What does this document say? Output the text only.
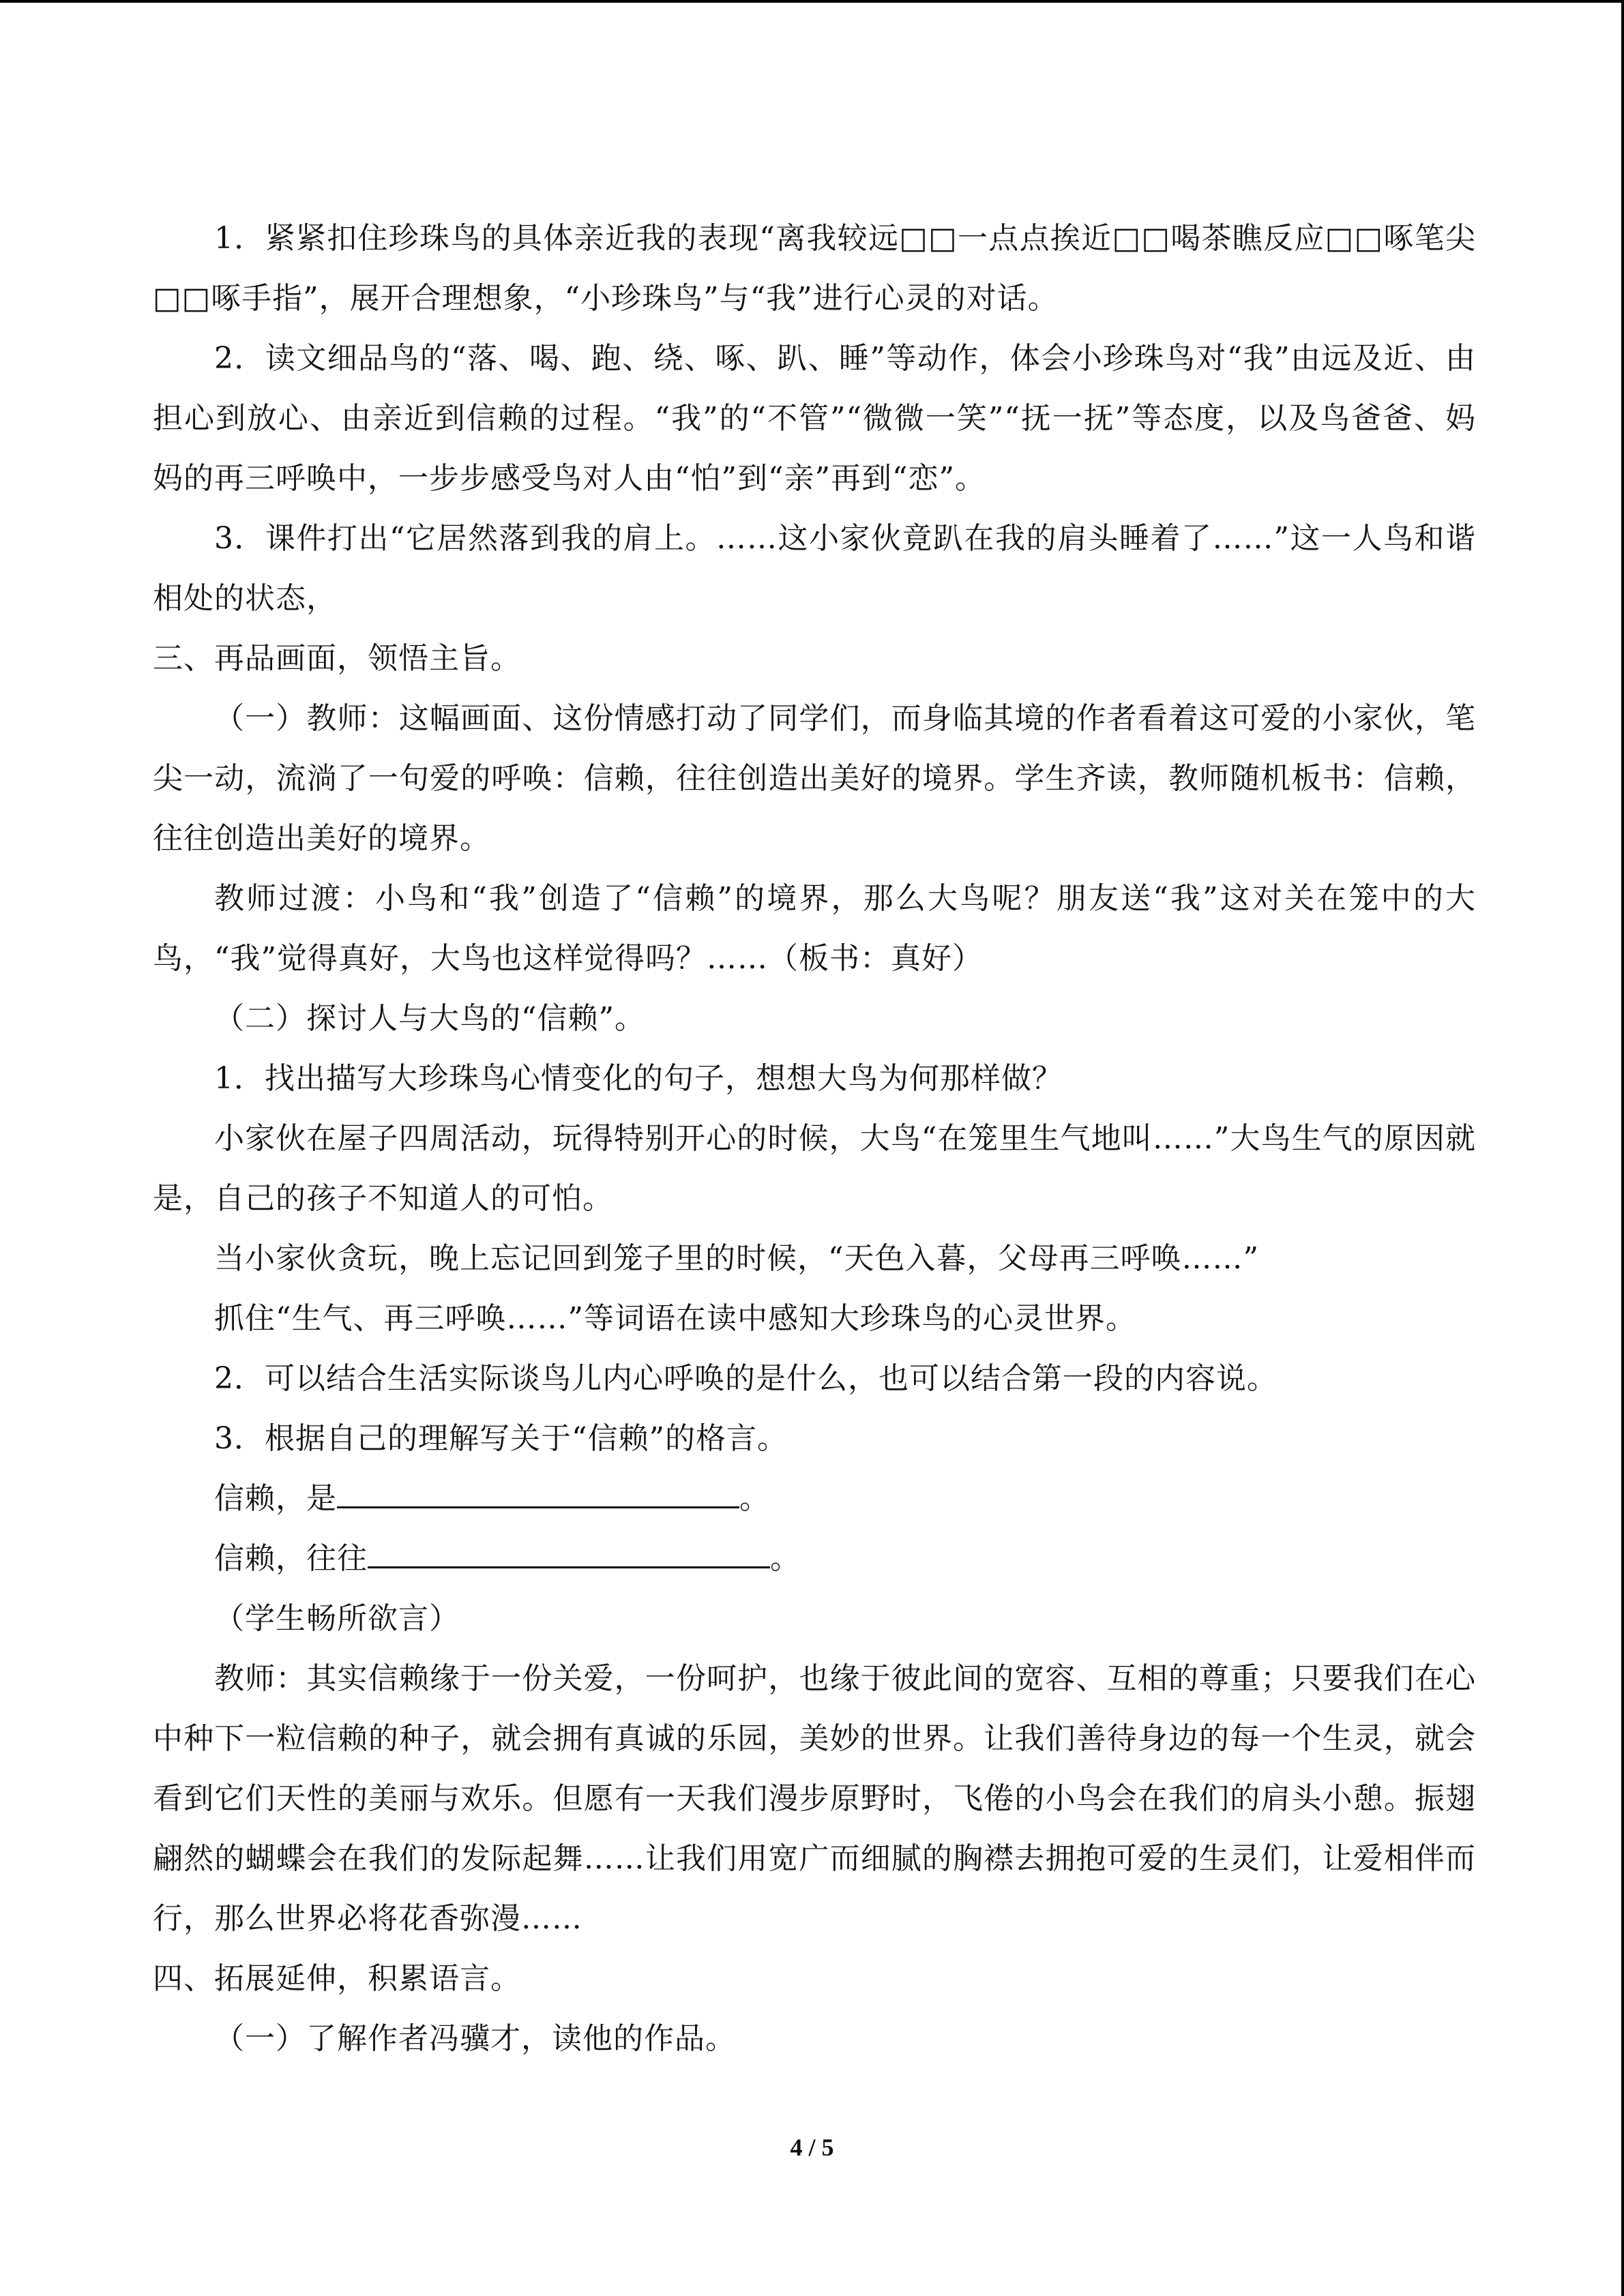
1．紧紧扣住珍珠鸟的具体亲近我的表现“离我较远□□一点点挨近□□喝茶瞧反应□□啄笔尖□□啄手指”，展开合理想象，“小珍珠鸟”与“我”进行心灵的对话。

2．读文细品鸟的“落、喝、跑、绕、啄、趴、睡”等动作，体会小珍珠鸟对“我”由远及近、由担心到放心、由亲近到信赖的过程。“我”的“不管”“微微一笑”“抚一抚”等态度，以及鸟爸爸、妈妈的再三呼唤中，一步步感受鸟对人由“怕”到“亲”再到“恋”。

3．课件打出“它居然落到我的肩上。……这小家伙竟趴在我的肩头睡着了……”这一人鸟和谐相处的状态，

三、再品画面，领悟主旨。

（一）教师：这幅画面、这份情感打动了同学们，而身临其境的作者看着这可爱的小家伙，笔尖一动，流淌了一句爱的呼唤：信赖，往往创造出美好的境界。学生齐读，教师随机板书：信赖，往往创造出美好的境界。

教师过渡：小鸟和“我”创造了“信赖”的境界，那么大鸟呢？朋友送“我”这对关在笼中的大鸟，“我”觉得真好，大鸟也这样觉得吗？……（板书：真好）

（二）探讨人与大鸟的“信赖”。

1．找出描写大珍珠鸟心情变化的句子，想想大鸟为何那样做？

小家伙在屋子四周活动，玩得特别开心的时候，大鸟“在笼里生气地叫……”大鸟生气的原因就是，自己的孩子不知道人的可怕。

当小家伙贪玩，晚上忘记回到笼子里的时候，“天色入暮，父母再三呼唤……”

抓住“生气、再三呼唤……”等词语在读中感知大珍珠鸟的心灵世界。

2．可以结合生活实际谈鸟儿内心呼唤的是什么，也可以结合第一段的内容说。

3．根据自己的理解写关于“信赖”的格言。

信赖，是	。

信赖，往往	。

（学生畅所欲言）

教师：其实信赖缘于一份关爱，一份呵护，也缘于彼此间的宽容、互相的尊重；只要我们在心中种下一粒信赖的种子，就会拥有真诚的乐园，美妙的世界。让我们善待身边的每一个生灵，就会看到它们天性的美丽与欢乐。但愿有一天我们漫步原野时，飞倦的小鸟会在我们的肩头小憩。振翅翩然的蝴蝶会在我们的发际起舞……让我们用宽广而细腻的胸襟去拥抱可爱的生灵们，让爱相伴而行，那么世界必将花香弥漫……

四、拓展延伸，积累语言。

（一）了解作者冯骥才，读他的作品。

4 / 5
